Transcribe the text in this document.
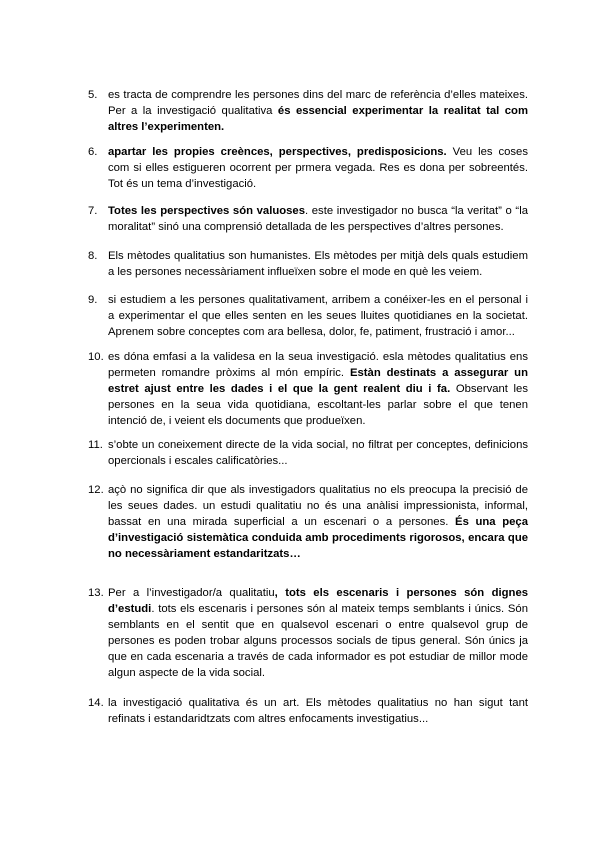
5. es tracta de comprendre les persones dins del marc de referència d’elles mateixes. Per a la investigació qualitativa és essencial experimentar la realitat tal com altres l’experimenten.
6. apartar les propies creènces, perspectives, predisposicions. Veu les coses com si elles estigueren ocorrent per prmera vegada. Res es dona per sobreentés. Tot és un tema d’investigació.
7. Totes les perspectives són valuoses. este investigador no busca “la veritat” o “la moralitat” sinó una comprensió detallada de les perspectives d’altres persones.
8. Els mètodes qualitatius son humanistes. Els mètodes per mitjà dels quals estudiem a les persones necessàriament influeïxen sobre el mode en què les veiem.
9. si estudiem a les persones qualitativament, arribem a conéixer-les en el personal i a experimentar el que elles senten en les seues lluites quotidianes en la societat. Aprenem sobre conceptes com ara bellesa, dolor, fe, patiment, frustració i amor...
10. es dóna emfasi a la validesa en la seua investigació. esla mètodes qualitatius ens permeten romandre pròxims al món empíric. Estàn destinats a assegurar un estret ajust entre les dades i el que la gent realent diu i fa. Observant les persones en la seua vida quotidiana, escoltant-les parlar sobre el que tenen intenció de, i veient els documents que produeïxen.
11. s’obte un coneixement directe de la vida social, no filtrat per conceptes, definicions opercionals i escales calificatòries...
12. açò no significa dir que als investigadors qualitatius no els preocupa la precisió de les seues dades. un estudi qualitatiu no és una anàlisi impressionista, informal, bassat en una mirada superficial a un escenari o a persones. És una peça d’investigació sistemàtica conduida amb procediments rigorosos, encara que no necessàriament estandaritzats…
13. Per a l’investigador/a qualitatiu, tots els escenaris i persones són dignes d’estudi. tots els escenaris i persones són al mateix temps semblants i únics. Són semblants en el sentit que en qualsevol escenari o entre qualsevol grup de persones es poden trobar alguns processos socials de tipus general. Són únics ja que en cada escenaria a través de cada informador es pot estudiar de millor mode algun aspecte de la vida social.
14. la investigació qualitativa és un art. Els mètodes qualitatius no han sigut tant refinats i estandaridtzats com altres enfocaments investigatius...
